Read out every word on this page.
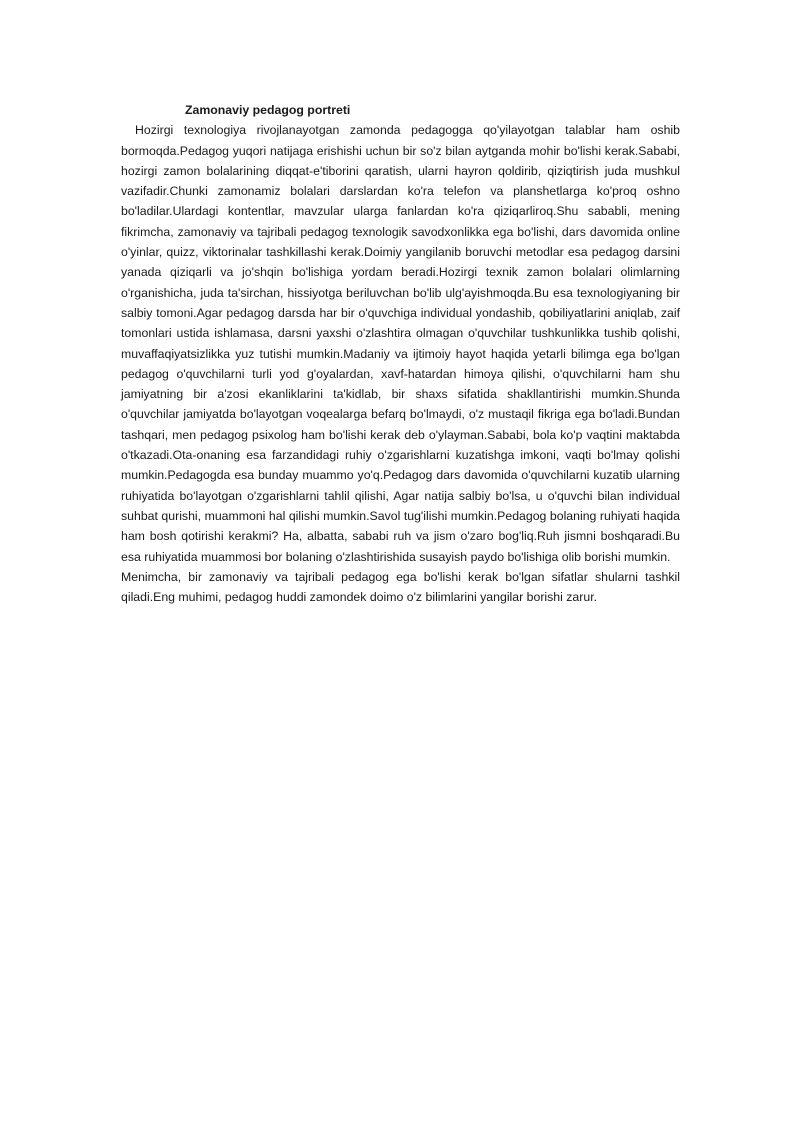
Zamonaviy pedagog portreti

Hozirgi texnologiya rivojlanayotgan zamonda pedagogga qo'yilayotgan talablar ham oshib bormoqda.Pedagog yuqori natijaga erishishi uchun bir so'z bilan aytganda mohir bo'lishi kerak.Sababi, hozirgi zamon bolalarining diqqat-e'tiborini qaratish, ularni hayron qoldirib, qiziqtirish juda mushkul vazifadir.Chunki zamonamiz bolalari darslardan ko'ra telefon va planshetlarga ko'proq oshno bo'ladilar.Ulardagi kontentlar, mavzular ularga fanlardan ko'ra qiziqarliroq.Shu sababli, mening fikrimcha, zamonaviy va tajribali pedagog texnologik savodxonlikka ega bo'lishi, dars davomida online o'yinlar, quizz, viktorinalar tashkillashi kerak.Doimiy yangilanib boruvchi metodlar esa pedagog darsini yanada qiziqarli va jo'shqin bo'lishiga yordam beradi.Hozirgi texnik zamon bolalari olimlarning o'rganishicha, juda ta'sirchan, hissiyotga beriluvchan bo'lib ulg'ayishmoqda.Bu esa texnologiyaning bir salbiy tomoni.Agar pedagog darsda har bir o'quvchiga individual yondashib, qobiliyatlarini aniqlab, zaif tomonlari ustida ishlamasa, darsni yaxshi o'zlashtira olmagan o'quvchilar tushkunlikka tushib qolishi, muvaffaqiyatsizlikka yuz tutishi mumkin.Madaniy va ijtimoiy hayot haqida yetarli bilimga ega bo'lgan pedagog o'quvchilarni turli yod g'oyalardan, xavf-hatardan himoya qilishi, o'quvchilarni ham shu jamiyatning bir a'zosi ekanliklarini ta'kidlab, bir shaxs sifatida shakllantirishi mumkin.Shunda o'quvchilar jamiyatda bo'layotgan voqealarga befarq bo'lmaydi, o'z mustaqil fikriga ega bo'ladi.Bundan tashqari, men pedagog psixolog ham bo'lishi kerak deb o'ylayman.Sababi, bola ko'p vaqtini maktabda o'tkazadi.Ota-onaning esa farzandidagi ruhiy o'zgarishlarni kuzatishga imkoni, vaqti bo'lmay qolishi mumkin.Pedagogda esa bunday muammo yo'q.Pedagog dars davomida o'quvchilarni kuzatib ularning ruhiyatida bo'layotgan o'zgarishlarni tahlil qilishi, Agar natija salbiy bo'lsa, u o'quvchi bilan individual suhbat qurishi, muammoni hal qilishi mumkin.Savol tug'ilishi mumkin.Pedagog bolaning ruhiyati haqida ham bosh qotirishi kerakmi? Ha, albatta, sababi ruh va jism o'zaro bog'liq.Ruh jismni boshqaradi.Bu esa ruhiyatida muammosi bor bolaning o'zlashtirishida susayish paydo bo'lishiga olib borishi mumkin.

Menimcha, bir zamonaviy va tajribali pedagog ega bo'lishi kerak bo'lgan sifatlar shularni tashkil qiladi.Eng muhimi, pedagog huddi zamondek doimo o'z bilimlarini yangilar borishi zarur.
